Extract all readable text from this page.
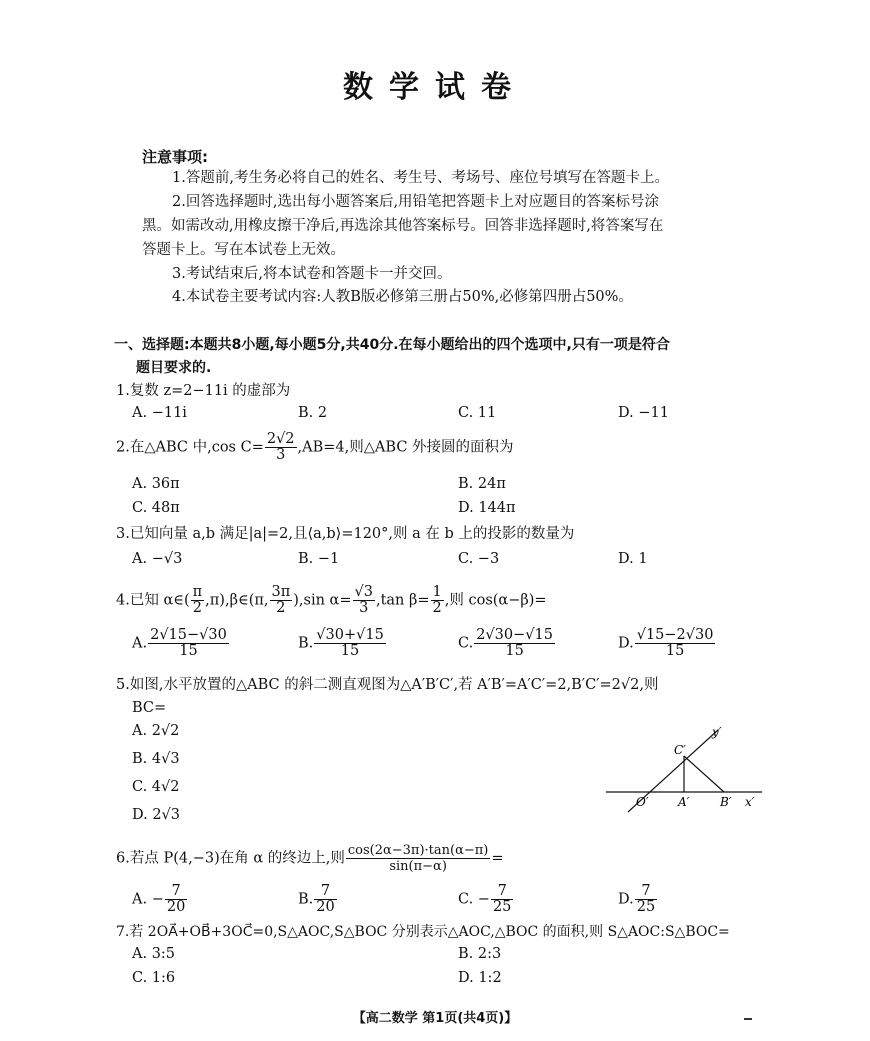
数学试卷
注意事项:
1.答题前,考生务必将自己的姓名、考生号、考场号、座位号填写在答题卡上。
2.回答选择题时,选出每小题答案后,用铅笔把答题卡上对应题目的答案标号涂
黑。如需改动,用橡皮擦干净后,再选涂其他答案标号。回答非选择题时,将答案写在
答题卡上。写在本试卷上无效。
3.考试结束后,将本试卷和答题卡一并交回。
4.本试卷主要考试内容:人教B版必修第三册占50%,必修第四册占50%。
一、选择题:本题共8小题,每小题5分,共40分.在每小题给出的四个选项中,只有一项是符合
题目要求的.
1.复数 z=2−11i 的虚部为
A. −11i	B. 2	C. 11	D. −11
2.在△ABC 中,cos $C= \frac{2√2}{3} ,AB=4$,则△ABC 外接圆的面积为
A. 36π	B. 24π
C. 48π	D. 144π
3.已知向量 a,b 满足|a|=2,且⟨a,b⟩=120°,则 a 在 b 上的投影的数量为
A. −√3	B. −1	C. −3	D. 1
4.已知 α∈( $\frac{\pi}{2}$ ,π),β∈(π, $\frac{3\pi}{2} ),\sin$ $\alpha= \frac{√3}{3} ,\tan$ $\beta= \frac{1}{2}$ ,则 cos(α−β)=
A. $\frac{2√15-√30}{15}$	B. $\frac{√30+√15}{15}$	C. $\frac{2√30-√15}{15}$	D. $\frac{√15-2√30}{15}$
5.如图,水平放置的△ABC 的斜二测直观图为△A′B′C′,若 A′B′=A′C′=2,B′C′=2√2,则
BC=
A. 2√2
B. 4√3
C. 4√2
D. 2√3
C′
y′
O′ A′	B′ x′
6.若点 P(4,−3)在角 α 的终边上,则 $\frac{\cos(2\alpha-3\pi)\cdot\tan(\alpha-\pi)}{\sin(\pi-\alpha)}$ =
A. − $\frac{7}{20}$	B. $\frac{7}{20}$	C. − $\frac{7}{25}$	D. $\frac{7}{25}$
7.若 2OA⃗+OB⃗+3OC⃗=0,S△AOC,S△BOC 分别表示△AOC,△BOC 的面积,则 S△AOC:S△BOC=
A. 3:5	B. 2:3
C. 1:6	D. 1:2
【高二数学 第1页(共4页)】
